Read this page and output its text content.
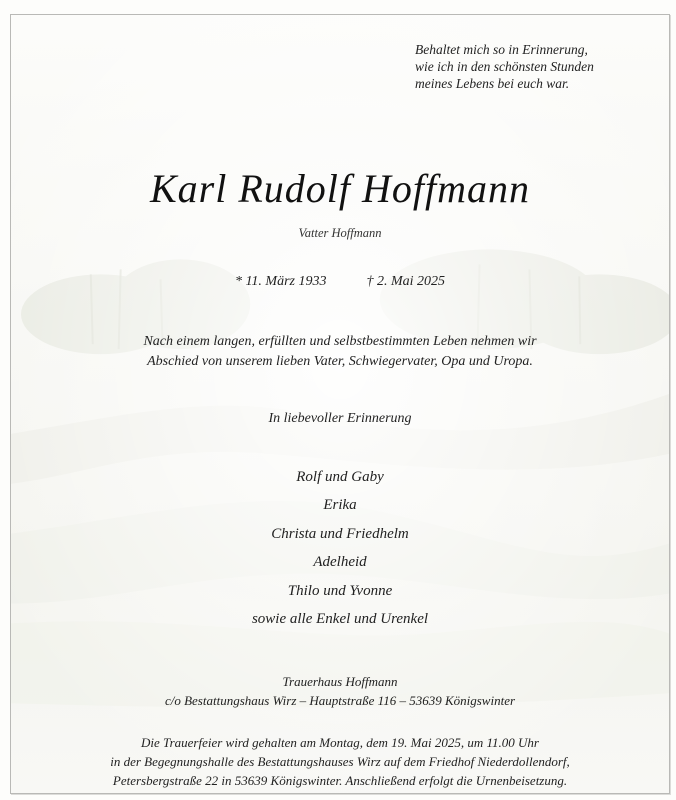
Behaltet mich so in Erinnerung,
wie ich in den schönsten Stunden
meines Lebens bei euch war.
Karl Rudolf Hoffmann
Vatter Hoffmann
* 11. März 1933	† 2. Mai 2025
Nach einem langen, erfüllten und selbstbestimmten Leben nehmen wir
Abschied von unserem lieben Vater, Schwiegervater, Opa und Uropa.
In liebevoller Erinnerung
Rolf und Gaby
Erika
Christa und Friedhelm
Adelheid
Thilo und Yvonne
sowie alle Enkel und Urenkel
Trauerhaus Hoffmann
c/o Bestattungshaus Wirz – Hauptstraße 116 – 53639 Königswinter
Die Trauerfeier wird gehalten am Montag, dem 19. Mai 2025, um 11.00 Uhr
in der Begegnungshalle des Bestattungshauses Wirz auf dem Friedhof Niederdollendorf,
Petersbergstraße 22 in 53639 Königswinter. Anschließend erfolgt die Urnenbeisetzung.
